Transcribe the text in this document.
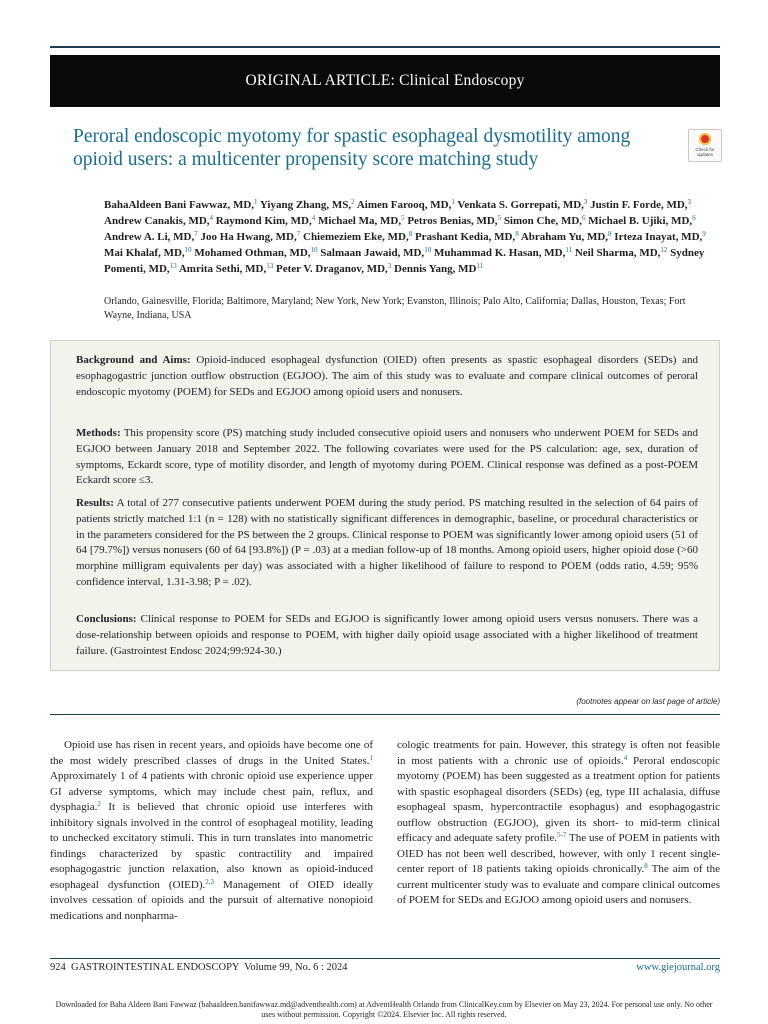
ORIGINAL ARTICLE: Clinical Endoscopy
Peroral endoscopic myotomy for spastic esophageal dysmotility among opioid users: a multicenter propensity score matching study	Check for updates
BahaAldeen Bani Fawwaz, MD,$^1$ Yiyang Zhang, MS,$^2$ Aimen Farooq, MD,$^1$ Venkata S. Gorrepati, MD,$^3$ Justin F. Forde, MD,$^3$ Andrew Canakis, MD,$^4$ Raymond Kim, MD,$^4$ Michael Ma, MD,$^5$ Petros Benias, MD,$^5$ Simon Che, MD,$^6$ Michael B. Ujiki, MD,$^6$ Andrew A. Li, MD,$^7$ Joo Ha Hwang, MD,$^7$ Chiemeziem Eke, MD,$^8$ Prashant Kedia, MD,$^8$ Abraham Yu, MD,$^8$ Irteza Inayat, MD,$^9$ Mai Khalaf, MD,$^{10}$ Mohamed Othman, MD,$^{10}$ Salmaan Jawaid, MD,$^{10}$ Muhammad K. Hasan, MD,$^{11}$ Neil Sharma, MD,$^{12}$ Sydney Pomenti, MD,$^{13}$ Amrita Sethi, MD,$^{13}$ Peter V. Draganov, MD,$^3$ Dennis Yang, MD$^{11}$
Orlando, Gainesville, Florida; Baltimore, Maryland; New York, New York; Evanston, Illinois; Palo Alto, California; Dallas, Houston, Texas; Fort Wayne, Indiana, USA

Background and Aims: Opioid-induced esophageal dysfunction (OIED) often presents as spastic esophageal disorders (SEDs) and esophagogastric junction outflow obstruction (EGJOO). The aim of this study was to evaluate and compare clinical outcomes of peroral endoscopic myotomy (POEM) for SEDs and EGJOO among opioid users and nonusers.

Methods: This propensity score (PS) matching study included consecutive opioid users and nonusers who underwent POEM for SEDs and EGJOO between January 2018 and September 2022. The following covariates were used for the PS calculation: age, sex, duration of symptoms, Eckardt score, type of motility disorder, and length of myotomy during POEM. Clinical response was defined as a post-POEM Eckardt score ≤3.

Results: A total of 277 consecutive patients underwent POEM during the study period. PS matching resulted in the selection of 64 pairs of patients strictly matched 1:1 (n = 128) with no statistically significant differences in demographic, baseline, or procedural characteristics or in the parameters considered for the PS between the 2 groups. Clinical response to POEM was significantly lower among opioid users (51 of 64 [79.7%]) versus nonusers (60 of 64 [93.8%]) (P = .03) at a median follow-up of 18 months. Among opioid users, higher opioid dose (>60 morphine milligram equivalents per day) was associated with a higher likelihood of failure to respond to POEM (odds ratio, 4.59; 95% confidence interval, 1.31-3.98; P = .02).

Conclusions: Clinical response to POEM for SEDs and EGJOO is significantly lower among opioid users versus nonusers. There was a dose-relationship between opioids and response to POEM, with higher daily opioid usage associated with a higher likelihood of treatment failure. (Gastrointest Endosc 2024;99:924-30.)

(footnotes appear on last page of article)

Opioid use has risen in recent years, and opioids have become one of the most widely prescribed classes of drugs in the United States.$^1$ Approximately 1 of 4 patients with chronic opioid use experience upper GI adverse symptoms, which may include chest pain, reflux, and dysphagia.$^2$ It is believed that chronic opioid use interferes with inhibitory signals involved in the control of esophageal motility, leading to unchecked excitatory stimuli. This in turn translates into manometric findings characterized by spastic contractility and impaired esophagogastric junction relaxation, also known as opioid-induced esophageal dysfunction (OIED).$^{2,3}$ Management of OIED ideally involves cessation of opioids and the pursuit of alternative nonopioid medications and nonpharma-

cologic treatments for pain. However, this strategy is often not feasible in most patients with a chronic use of opioids.$^4$ Peroral endoscopic myotomy (POEM) has been suggested as a treatment option for patients with spastic esophageal disorders (SEDs) (eg, type III achalasia, diffuse esophageal spasm, hypercontractile esophagus) and esophagogastric outflow obstruction (EGJOO), given its short- to mid-term clinical efficacy and adequate safety profile.$^{5-7}$ The use of POEM in patients with OIED has not been well described, however, with only 1 recent single-center report of 18 patients taking opioids chronically.$^8$ The aim of the current multicenter study was to evaluate and compare clinical outcomes of POEM for SEDs and EGJOO among opioid users and nonusers.

924  GASTROINTESTINAL ENDOSCOPY  Volume 99, No. 6 : 2024	www.giejournal.org
Downloaded for Baha Aldeen Bani Fawwaz (bahaaldeen.banifawwaz.md@adventhealth.com) at AdventHealth Orlando from ClinicalKey.com by Elsevier on May 23, 2024. For personal use only. No other uses without permission. Copyright ©2024. Elsevier Inc. All rights reserved.
